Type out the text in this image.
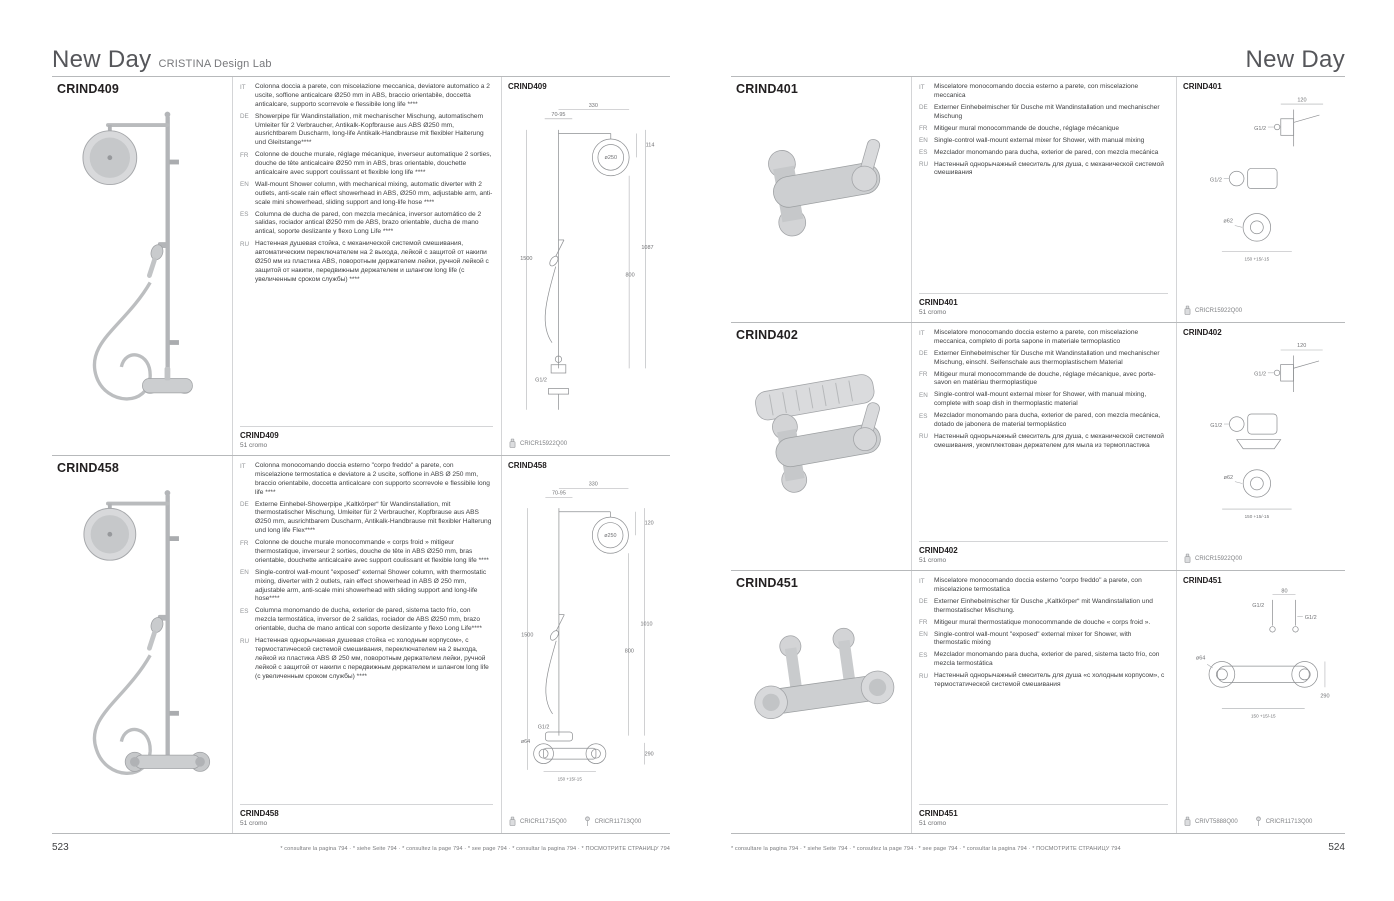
New Day CRISTINA Design Lab
CRIND409	IT	Colonna doccia a parete, con miscelazione meccanica, deviatore automatico a 2 uscite, soffione anticalcare Ø250 mm in ABS, braccio orientabile, doccetta anticalcare, supporto scorrevole e flessibile long life ****
DE Showerpipe für Wandinstallation, mit mechanischer Mischung, automatischem Umleiter für 2 Verbraucher, Antikalk-Kopfbrause aus ABS Ø250 mm, ausrichtbarem Duscharm, long-life Antikalk-Handbrause mit flexibler Halterung und Gleitstange****
FR Colonne de douche murale, réglage mécanique, inverseur automatique 2 sorties, douche de tête anticalcaire Ø250 mm in ABS, bras orientable, douchette anticalcaire avec support coulissant et flexible long life ****
EN Wall-mount Shower column, with mechanical mixing, automatic diverter with 2 outlets, anti-scale rain effect showerhead in ABS, Ø250 mm, adjustable arm, anti-scale mini showerhead, sliding support and long-life hose ****
ES Columna de ducha de pared, con mezcla mecánica, inversor automático de 2 salidas, rociador antical Ø250 mm de ABS, brazo orientable, ducha de mano antical, soporte deslizante y flexo Long Life ****
RU Настенная душевая стойка, с механической системой смешивания, автоматическим переключателем на 2 выхода, лейкой с защитой от накипи Ø250 мм из пластика ABS, поворотным держателем лейки, ручной лейкой с защитой от накипи, передвижным держателем и шлангом long life (с увеличенным сроком службы) ****
CRIND409
51 cromo
CRIND409
70-95
330
114
ø250
1087
800
1500
G1/2
CRICR15922Q00
CRIND458	IT	Colonna monocomando doccia esterno "corpo freddo" a parete, con miscelazione termostatica e deviatore a 2 uscite, soffione in ABS Ø 250 mm, braccio orientabile, doccetta anticalcare con supporto scorrevole e flessibile long life ****
DE Externe Einhebel-Showerpipe „Kaltkörper“ für Wandinstallation, mit thermostatischer Mischung, Umleiter für 2 Verbraucher, Kopfbrause aus ABS Ø250 mm, ausrichtbarem Duscharm, Antikalk-Handbrause mit flexibler Halterung und long life Flex****
FR Colonne de douche murale monocommande « corps froid » mitigeur thermostatique, inverseur 2 sorties, douche de tête in ABS Ø250 mm, bras orientable, douchette anticalcaire avec support coulissant et flexible long life ****
EN Single-control wall-mount "exposed" external Shower column, with thermostatic mixing, diverter with 2 outlets, rain effect showerhead in ABS Ø 250 mm, adjustable arm, anti-scale mini showerhead with sliding support and long-life hose****
ES Columna monomando de ducha, exterior de pared, sistema tacto frío, con mezcla termostática, inversor de 2 salidas, rociador de ABS Ø250 mm, brazo orientable, ducha de mano antical con soporte deslizante y flexo Long Life****
RU Настенная однорычажная душевая стойка «с холодным корпусом», с термостатической системой смешивания, переключателем на 2 выхода, лейкой из пластика ABS Ø 250 мм, поворотным держателем лейки, ручной лейкой с защитой от накипи с передвижным держателем и шлангом long life (с увеличенным сроком службы) ****
CRIND458
51 cromo
CRIND458
70-95
330
120
ø250
800
1010
1500
G1/2
ø64
150 +15/-15
290
CRICR11715Q00	CRICR11713Q00
New Day
CRIND401	IT	Miscelatore monocomando doccia esterno a parete, con miscelazione meccanica
DE Externer Einhebelmischer für Dusche mit Wandinstallation und mechanischer Mischung
FR Mitigeur mural monocommande de douche, réglage mécanique
EN Single-control wall-mount external mixer for Shower, with manual mixing
ES Mezclador monomando para ducha, exterior de pared, con mezcla mecánica
RU Настенный однорычажный смеситель для душа, с механической системой смешивания
CRIND401
51 cromo
CRIND401
120
G1/2
G1/2
ø62
150 +15/-15
CRICR15922Q00
CRIND402	IT	Miscelatore monocomando doccia esterno a parete, con miscelazione meccanica, completo di porta sapone in materiale termoplastico
DE Externer Einhebelmischer für Dusche mit Wandinstallation und mechanischer Mischung, einschl. Seifenschale aus thermoplastischem Material
FR Mitigeur mural monocommande de douche, réglage mécanique, avec porte-savon en matériau thermoplastique
EN Single-control wall-mount external mixer for Shower, with manual mixing, complete with soap dish in thermoplastic material
ES Mezclador monomando para ducha, exterior de pared, con mezcla mecánica, dotado de jabonera de material termoplástico
RU Настенный однорычажный смеситель для душа, с механической системой смешивания, укомплектован держателем для мыла из термопластика
CRIND402
51 cromo
CRIND402
120
G1/2
G1/2
ø62
150 +15/-15
CRICR15922Q00
CRIND451	IT	Miscelatore monocomando doccia esterno "corpo freddo" a parete, con miscelazione termostatica
DE Externer Einhebelmischer für Dusche „Kaltkörper“ mit Wandinstallation und thermostatischer Mischung.
FR Mitigeur mural thermostatique monocommande de douche « corps froid ».
EN Single-control wall-mount "exposed" external mixer for Shower, with thermostatic mixing
ES Mezclador monomando para ducha, exterior de pared, sistema tacto frío, con mezcla termostática
RU Настенный однорычажный смеситель для душа «с холодным корпусом», с термостатической системой смешивания
CRIND451
51 cromo
CRIND451
G1/2
G1/2
80
ø64
150 +15/-15
290
CRIVT5888Q00	CRICR11713Q00
523	* consultare la pagina 794 · * siehe Seite 794 · * consultez la page 794 · * see page 794 · * consultar la pagina 794 · * ПОСМОТРИТЕ СТРАНИЦУ 794	* consultare la pagina 794 · * siehe Seite 794 · * consultez la page 794 · * see page 794 · * consultar la pagina 794 · * ПОСМОТРИТЕ СТРАНИЦУ 794	524
